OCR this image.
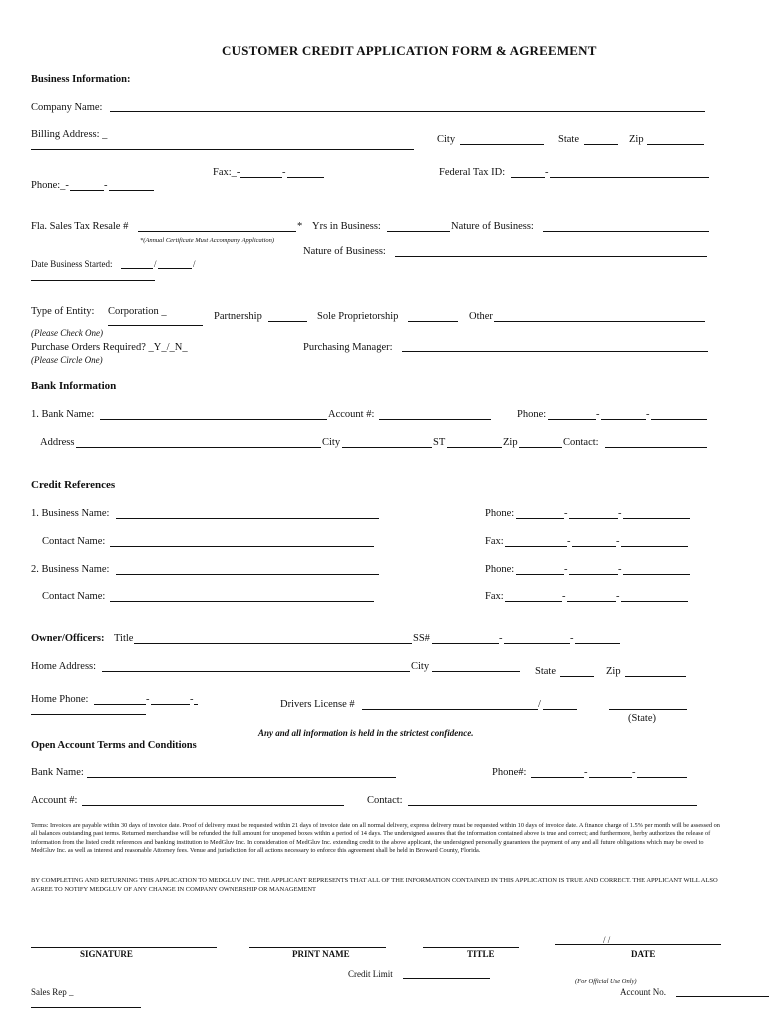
CUSTOMER CREDIT APPLICATION FORM & AGREEMENT
Business Information:
Company Name:
Billing Address: _	City	State	Zip
Fax:_-	-	Federal Tax ID:	-
Phone:_-	-
Fla. Sales Tax Resale #	* Yrs in Business:	Nature of Business:
*(Annual Certificate Must Accompany Application)
Nature of Business:
Date Business Started:	/	/
Type of Entity: Corporation _	Partnership	Sole Proprietorship	Other
(Please Check One)
Purchase Orders Required? _Y_/_N_	Purchasing Manager:
(Please Circle One)
Bank Information
1. Bank Name:	Account #:	Phone:	-	-
Address	City	ST	Zip	Contact:
Credit References
1. Business Name:	Phone:	-	-
Contact Name:	Fax:	-	-
2. Business Name:	Phone:	-	-
Contact Name:	Fax:	-	-
Owner/Officers: Title	SS#	-	-
Home Address:	City	State	Zip
Home Phone:	-	-	Drivers License #	/
(State)
Any and all information is held in the strictest confidence.
Open Account Terms and Conditions
Bank Name:	Phone#:	-	-
Account #:	Contact:
Terms: Invoices are payable within 30 days of invoice date. Proof of delivery must be requested within 21 days of invoice date on all normal delivery, express delivery must be requested within 10 days of invoice date. A finance charge of 1.5% per month will be assessed on all balances outstanding past terms. Returned merchandise will be refunded the full amount for unopened boxes within a period of 14 days. The undersigned assures that the information contained above is true and correct; and furthermore, herby authorizes the release of information from the listed credit references and banking institution to MedGluv Inc. In consideration of MedGluv Inc. extending credit to the above applicant, the undersigned personally guarantees the payment of any and all future obligations which may be owed to MedGluv Inc. as well as interest and reasonable Attorney fees. Venue and jurisdiction for all actions necessary to enforce this agreement shall be held in Broward County, Florida.
BY COMPLETING AND RETURNING THIS APPLICATION TO MEDGLUV INC. THE APPLICANT REPRESENTS THAT ALL OF THE INFORMATION CONTAINED IN THIS APPLICATION IS TRUE AND CORRECT. THE APPLICANT WILL ALSO AGREE TO NOTIFY MEDGLUV OF ANY CHANGE IN COMPANY OWNERSHIP OR MANAGEMENT
SIGNATURE	PRINT NAME	TITLE
/ /
DATE
Credit Limit
(For Official Use Only)
Sales Rep _	Account No.
